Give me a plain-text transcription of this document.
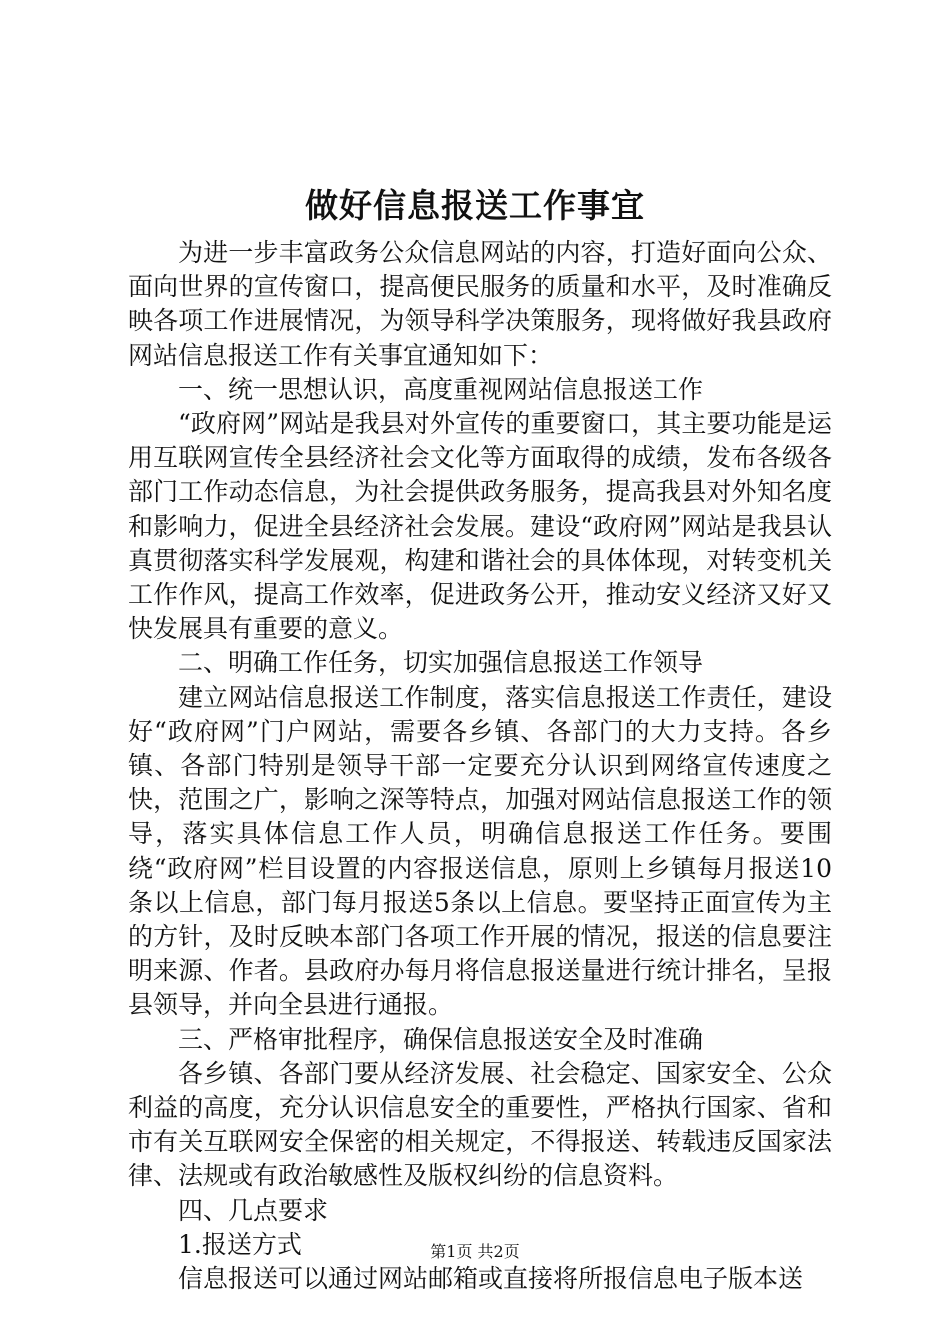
做好信息报送工作事宜

为进一步丰富政务公众信息网站的内容，打造好面向公众、面向世界的宣传窗口，提高便民服务的质量和水平，及时准确反映各项工作进展情况，为领导科学决策服务，现将做好我县政府网站信息报送工作有关事宜通知如下：

一、统一思想认识，高度重视网站信息报送工作

“政府网”网站是我县对外宣传的重要窗口，其主要功能是运用互联网宣传全县经济社会文化等方面取得的成绩，发布各级各部门工作动态信息，为社会提供政务服务，提高我县对外知名度和影响力，促进全县经济社会发展。建设“政府网”网站是我县认真贯彻落实科学发展观，构建和谐社会的具体体现，对转变机关工作作风，提高工作效率，促进政务公开，推动安义经济又好又快发展具有重要的意义。

二、明确工作任务，切实加强信息报送工作领导

建立网站信息报送工作制度，落实信息报送工作责任，建设好“政府网”门户网站，需要各乡镇、各部门的大力支持。各乡镇、各部门特别是领导干部一定要充分认识到网络宣传速度之快，范围之广，影响之深等特点，加强对网站信息报送工作的领导，落实具体信息工作人员，明确信息报送工作任务。要围绕“政府网”栏目设置的内容报送信息，原则上乡镇每月报送10条以上信息，部门每月报送5条以上信息。要坚持正面宣传为主的方针，及时反映本部门各项工作开展的情况，报送的信息要注明来源、作者。县政府办每月将信息报送量进行统计排名，呈报县领导，并向全县进行通报。

三、严格审批程序，确保信息报送安全及时准确

各乡镇、各部门要从经济发展、社会稳定、国家安全、公众利益的高度，充分认识信息安全的重要性，严格执行国家、省和市有关互联网安全保密的相关规定，不得报送、转载违反国家法律、法规或有政治敏感性及版权纠纷的信息资料。

四、几点要求

1.报送方式

信息报送可以通过网站邮箱或直接将所报信息电子版本送

第1页 共2页
